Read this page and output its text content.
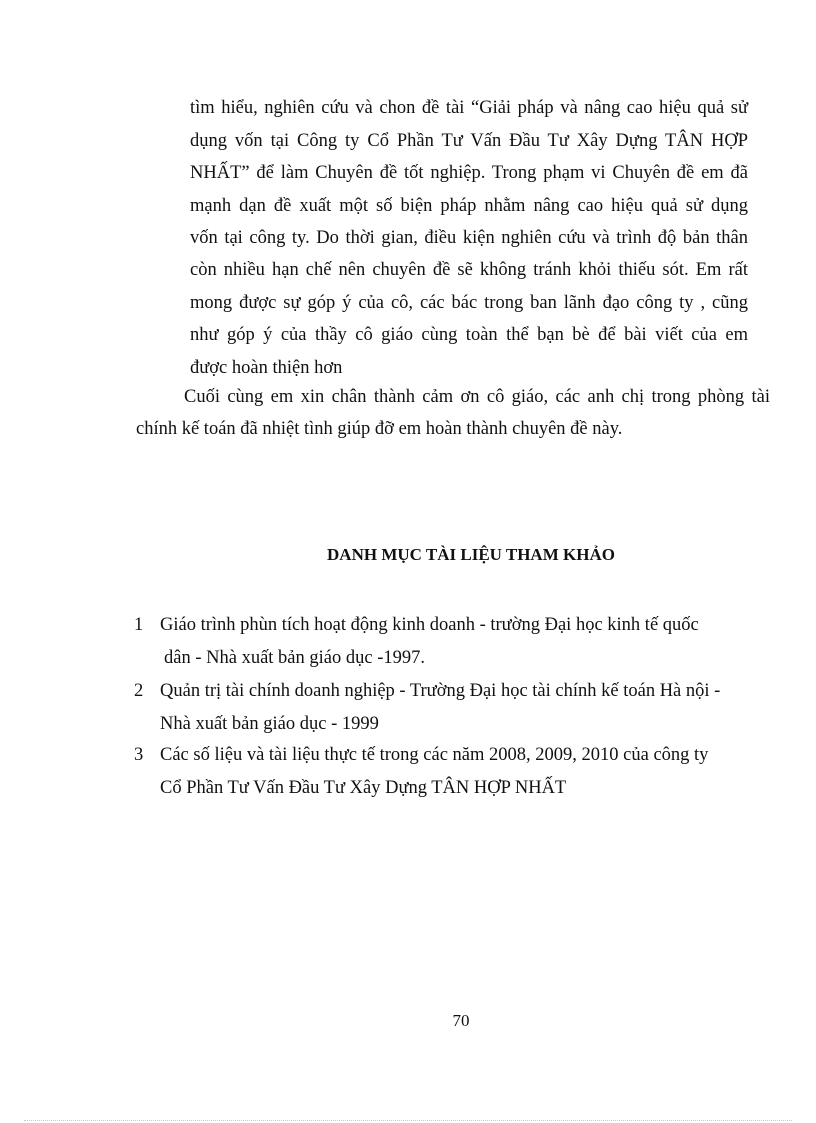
tìm hiểu, nghiên cứu và chon đề tài “Giải pháp và nâng cao hiệu quả sử
dụng vốn tại Công ty Cổ Phần Tư Vấn Đầu Tư Xây Dựng TÂN HỢP
NHẤT” để làm Chuyên đề tốt nghiệp. Trong phạm vi Chuyên đề em đã
mạnh dạn đề xuất một số biện pháp nhằm nâng cao hiệu quả sử dụng
vốn tại công ty. Do thời gian, điều kiện nghiên cứu và trình độ bản thân
còn nhiều hạn chế nên chuyên đề sẽ không tránh khỏi thiếu sót. Em rất
mong được sự góp ý của cô, các bác trong ban lãnh đạo công ty , cũng
như góp ý của thầy cô giáo cùng toàn thể bạn bè để bài viết của em
được hoàn thiện hơn
Cuối cùng em xin chân thành cảm ơn cô giáo, các anh chị trong phòng tài
chính kế toán đã nhiệt tình giúp đỡ em hoàn thành chuyên đề này.
DANH MỤC TÀI LIỆU THAM KHẢO
1 Giáo trình phùn tích hoạt động kinh doanh - trường Đại học kinh tế quốc
dân - Nhà xuất bản giáo dục -1997.
2 Quản trị tài chính doanh nghiệp - Trường Đại học tài chính kế toán Hà nội -
Nhà xuất bản giáo dục - 1999
3 Các số liệu và tài liệu thực tế trong các năm 2008, 2009, 2010 của công ty
Cổ Phần Tư Vấn Đầu Tư Xây Dựng TÂN HỢP NHẤT
70
